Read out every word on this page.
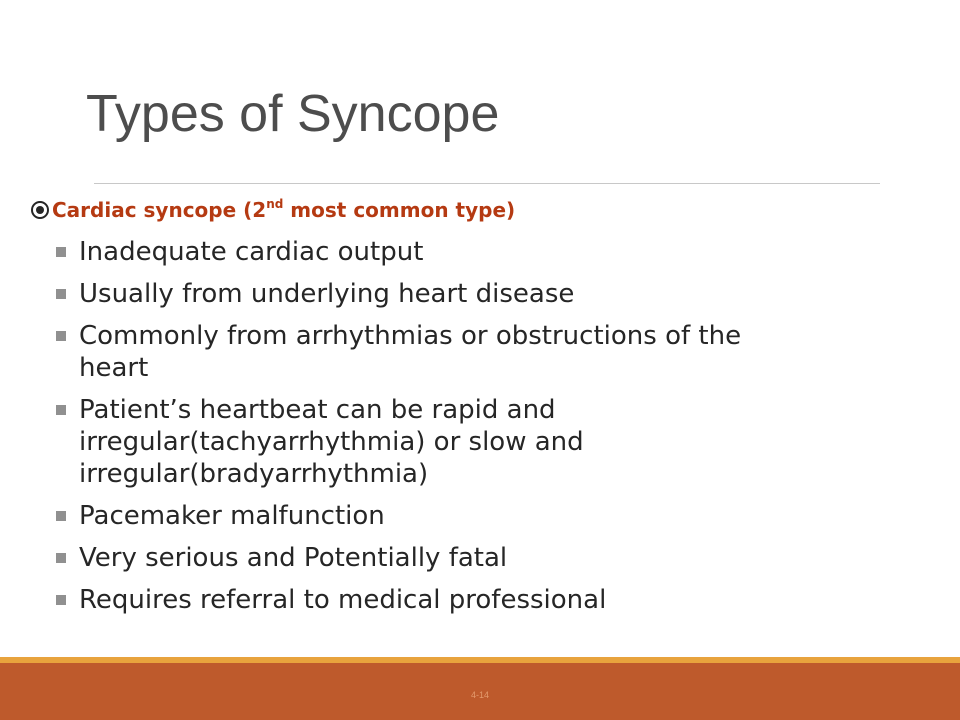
Types of Syncope
Cardiac syncope (2nd most common type)
Inadequate cardiac output
Usually from underlying heart disease
Commonly from arrhythmias or obstructions of the heart
Patient’s heartbeat can be rapid and irregular(tachyarrhythmia) or slow and irregular(bradyarrhythmia)
Pacemaker malfunction
Very serious and Potentially fatal
Requires referral to medical professional
4-14
